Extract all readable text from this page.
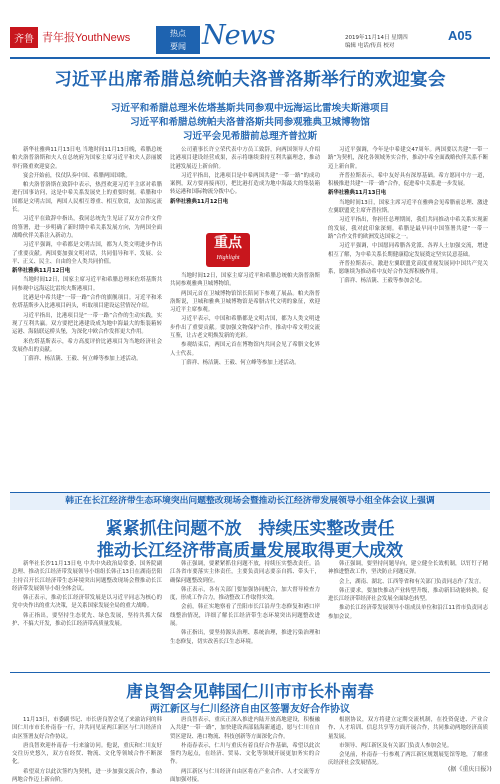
齐鲁 青年报YouthNews	热点
要闻 News	2019年11月14日 星期四
编辑 电话/传真 校对
A05
习近平出席希腊总统帕夫洛普洛斯举行的欢迎宴会
习近平和希腊总理米佐塔基斯共同参观中远海运比雷埃夫斯港项目
习近平和希腊总统帕夫洛普洛斯共同参观雅典卫城博物馆
习近平会见希腊前总理齐普拉斯

新华社雅典11月13日电 当地时间11月13日晚，希腊总统帕夫洛普洛斯和夫人在总统府为国家主席习近平和夫人彭丽媛举行隆重欢迎宴会。

宴会开始前，仪仗队奏中国、希腊两国国歌。

帕夫洛普洛斯在致辞中表示，热烈欢迎习近平主席对希腊进行国事访问，这是中希关系发展史上的重要时刻。希腊和中国都是文明古国，两国人民相互尊重、相互欣赏，友谊源远流长。

习近平在致辞中指出，我同总统先生见证了双方合作文件的签署，进一步明确了新时期中希关系发展方向，为两国全面战略伙伴关系注入新动力。

习近平强调，中希都是文明古国，都为人类文明进步作出了重要贡献。两国要加强文明对话，共同倡导和平、发展、公平、正义、民主、自由的全人类共同价值。

新华社雅典11月12日电

当地时间12日，国家主席习近平和希腊总理米佐塔基斯共同参观中远海运比雷埃夫斯港项目。

比港是中希共建“一带一路”合作的旗舰项目。习近平和米佐塔基斯步入比港项目码头，听取项目建设运营情况介绍。

习近平指出，比港项目是“一带一路”合作的生动实践，实现了互利共赢。双方要把比港建设成为地中海最大的集装箱转运港、海陆联运桥头堡，为深化中欧合作发挥更大作用。

米佐塔基斯表示，希方高度评价比港项目为当地经济社会发展作出的贡献。

丁薛祥、杨洁篪、王毅、何立峰等参加上述活动。

公司董事长许立荣代表中方员工致辞，向两国领导人介绍比港项目建设经营成果，表示将继续秉持互利共赢理念，推动比港发展迈上新台阶。

习近平指出，比港项目是中希两国共建“一带一路”的成功案例，双方要再接再厉，把比港打造成为地中海最大的集装箱转运港和国际物流分拨中心。

新华社雅典11月12日电

当地时间12日，国家主席习近平和希腊总统帕夫洛普洛斯共同参观雅典卫城博物馆。

两国元首在卫城博物馆馆长陪同下参观了展品。帕夫洛普洛斯说，卫城和雅典卫城博物馆是希腊古代文明的象征，欢迎习近平主席参观。

习近平表示，中国和希腊都是文明古国，都为人类文明进步作出了重要贡献。要加强文物保护合作，推动中希文明交流互鉴，让古老文明焕发新的光彩。

参观结束后，两国元首在博物馆内共同会见了希腊文化界人士代表。

丁薛祥、杨洁篪、王毅、何立峰等参加上述活动。

习近平强调，今年是中希建交47周年。两国要以共建“一带一路”为契机，深化各领域务实合作，推动中希全面战略伙伴关系不断迈上新台阶。

齐普拉斯表示，希中友好具有深厚基础。希方愿同中方一道，积极推进共建“一带一路”合作，促进希中关系进一步发展。

新华社雅典11月13日电

当地时间13日，国家主席习近平在雅典会见希腊前总理、激进左翼联盟党主席齐普拉斯。

习近平指出，你担任总理期间，我们共同推动中希关系实现新的发展，我对此印象深刻。希腊是最早同中国签署共建“一带一路”合作文件的欧洲发达国家之一。

习近平强调，中国愿同希腊各党派、各界人士加强交流，增进相互了解，为中希关系长期健康稳定发展奠定坚实民意基础。

齐普拉斯表示，激进左翼联盟党高度重视发展同中国共产党关系，愿继续为推动希中友好合作发挥积极作用。

丁薛祥、杨洁篪、王毅等参加会见。

重点
Highlight
韩正在长江经济带生态环境突出问题整改现场会暨推动长江经济带发展领导小组全体会议上强调
紧紧抓住问题不放　持续压实整改责任
推动长江经济带高质量发展取得更大成效

新华社长沙11月13日电 中共中央政治局常委、国务院副总理、推动长江经济带发展领导小组组长韩正13日在湖南岳阳主持召开长江经济带生态环境突出问题整改现场会暨推动长江经济带发展领导小组全体会议。

韩正表示，推动长江经济带发展是以习近平同志为核心的党中央作出的重大决策，是关系国家发展全局的重大战略。

韩正指出，要坚持生态优先、绿色发展，坚持共抓大保护、不搞大开发，推动长江经济带高质量发展。

韩正强调，要紧紧抓住问题不放，持续压实整改责任。沿江各省市要落实主体责任，主要负责同志要亲自抓、带头干，确保问题整改到位。

韩正表示，各有关部门要加强协同配合，加大督导检查力度，形成工作合力，推动整改工作取得实效。

会前，韩正实地察看了岳阳市长江沿岸生态修复和港口岸线整治情况，详细了解长江经济带生态环境突出问题整改进展。

韩正指出，要坚持源头治理、系统治理，推进污染治理和生态修复，切实改善长江生态环境。

韩正强调，要坚持问题导向，建立健全长效机制，以钉钉子精神推进整改工作，坚决防止问题反弹。

会上，湖南、湖北、江西等省和有关部门负责同志作了发言。

韩正要求，要加快推动产业转型升级，推动新旧动能转换，促进长江经济带经济社会发展全面绿色转型。

推动长江经济带发展领导小组成员单位和沿江11省市负责同志参加会议。

唐良智会见韩国仁川市市长朴南春
两江新区与仁川经济自由区签署友好合作协议

11月13日，市委副书记、市长唐良智会见了来渝访问的韩国仁川市市长朴南春一行，并共同见证两江新区与仁川经济自由区签署友好合作协议。

唐良智欢迎朴南春一行来渝访问。他说，重庆和仁川友好交往历史悠久，双方在经贸、物流、文化等领域合作不断深化。

希望双方以此次签约为契机，进一步加强交流合作，推动两地合作迈上新台阶。

唐良智表示，重庆正深入推进内陆开放高地建设，积极融入共建“一带一路”，加快建设西部陆海新通道，愿与仁川在自贸区建设、港口物流、科技创新等方面深化合作。

朴南春表示，仁川与重庆有着良好合作基础，希望以此次签约为起点，在经济、贸易、文化等领域开展更加务实的合作。

两江新区与仁川经济自由区将在产业合作、人才交流等方面加强对接。

根据协议，双方将建立定期交流机制，在投资促进、产业合作、人才培训、信息共享等方面开展合作，共同推动两地经济高质量发展。

市领导、两江新区及有关部门负责人参加会见。

会见前，朴南春一行参观了两江新区规划展览馆等地，了解重庆经济社会发展情况。

(据《重庆日报》)
